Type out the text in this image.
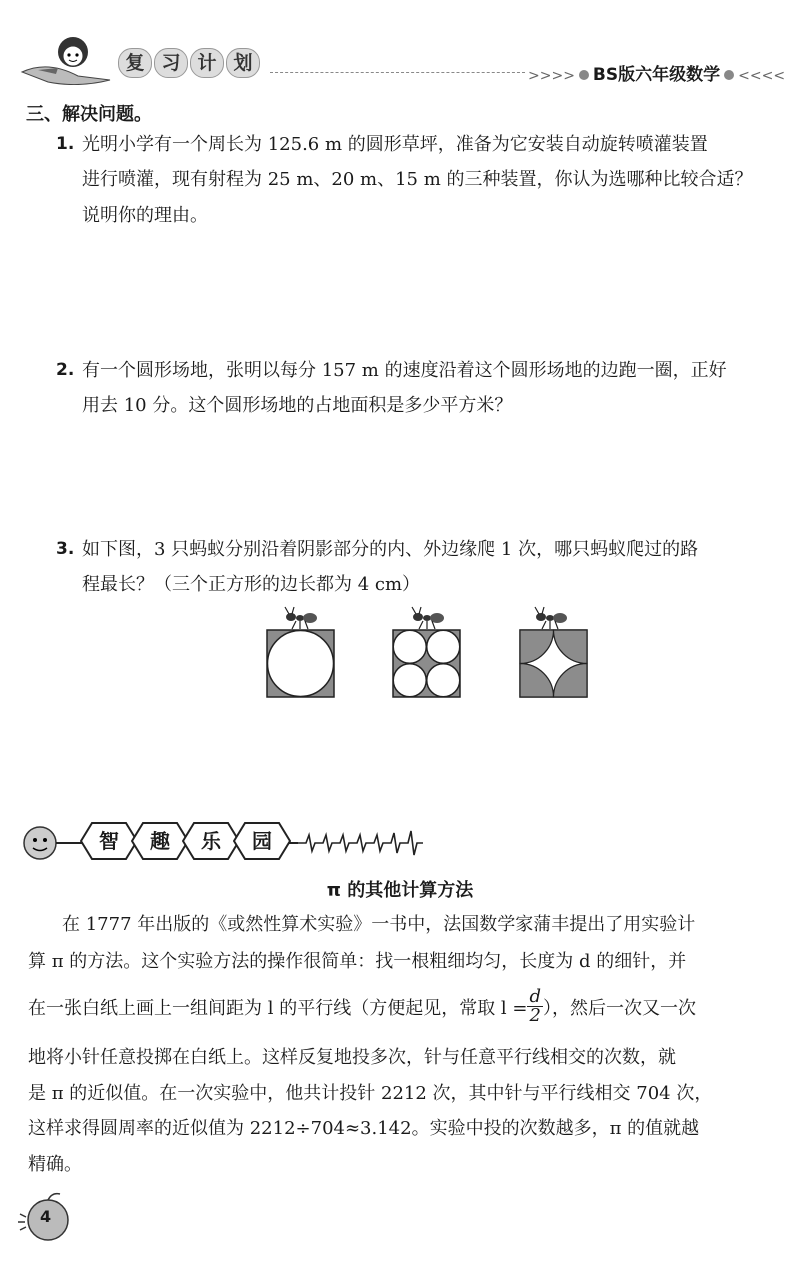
复 习 计 划
>>>> BS版六年级数学 <<<<
三、解决问题。
1. 光明小学有一个周长为 125.6 m 的圆形草坪，准备为它安装自动旋转喷灌装置
进行喷灌，现有射程为 25 m、20 m、15 m 的三种装置，你认为选哪种比较合适？
说明你的理由。
2. 有一个圆形场地，张明以每分 157 m 的速度沿着这个圆形场地的边跑一圈，正好
用去 10 分。这个圆形场地的占地面积是多少平方米？
3. 如下图，3 只蚂蚁分别沿着阴影部分的内、外边缘爬 1 次，哪只蚂蚁爬过的路
程最长？（三个正方形的边长都为 4 cm）
智	趣	乐	园
π 的其他计算方法
在 1777 年出版的《或然性算术实验》一书中，法国数学家蒲丰提出了用实验计
算 π 的方法。这个实验方法的操作很简单：找一根粗细均匀，长度为 d 的细针，并
在一张白纸上画上一组间距为 l 的平行线（方便起见，常取 $l = \frac{d}{2}$ ），然后一次又一次
地将小针任意投掷在白纸上。这样反复地投多次，针与任意平行线相交的次数，就
是 π 的近似值。在一次实验中，他共计投针 2212 次，其中针与平行线相交 704 次，
这样求得圆周率的近似值为 2212÷704≈3.142。实验中投的次数越多，π 的值就越
精确。
4
